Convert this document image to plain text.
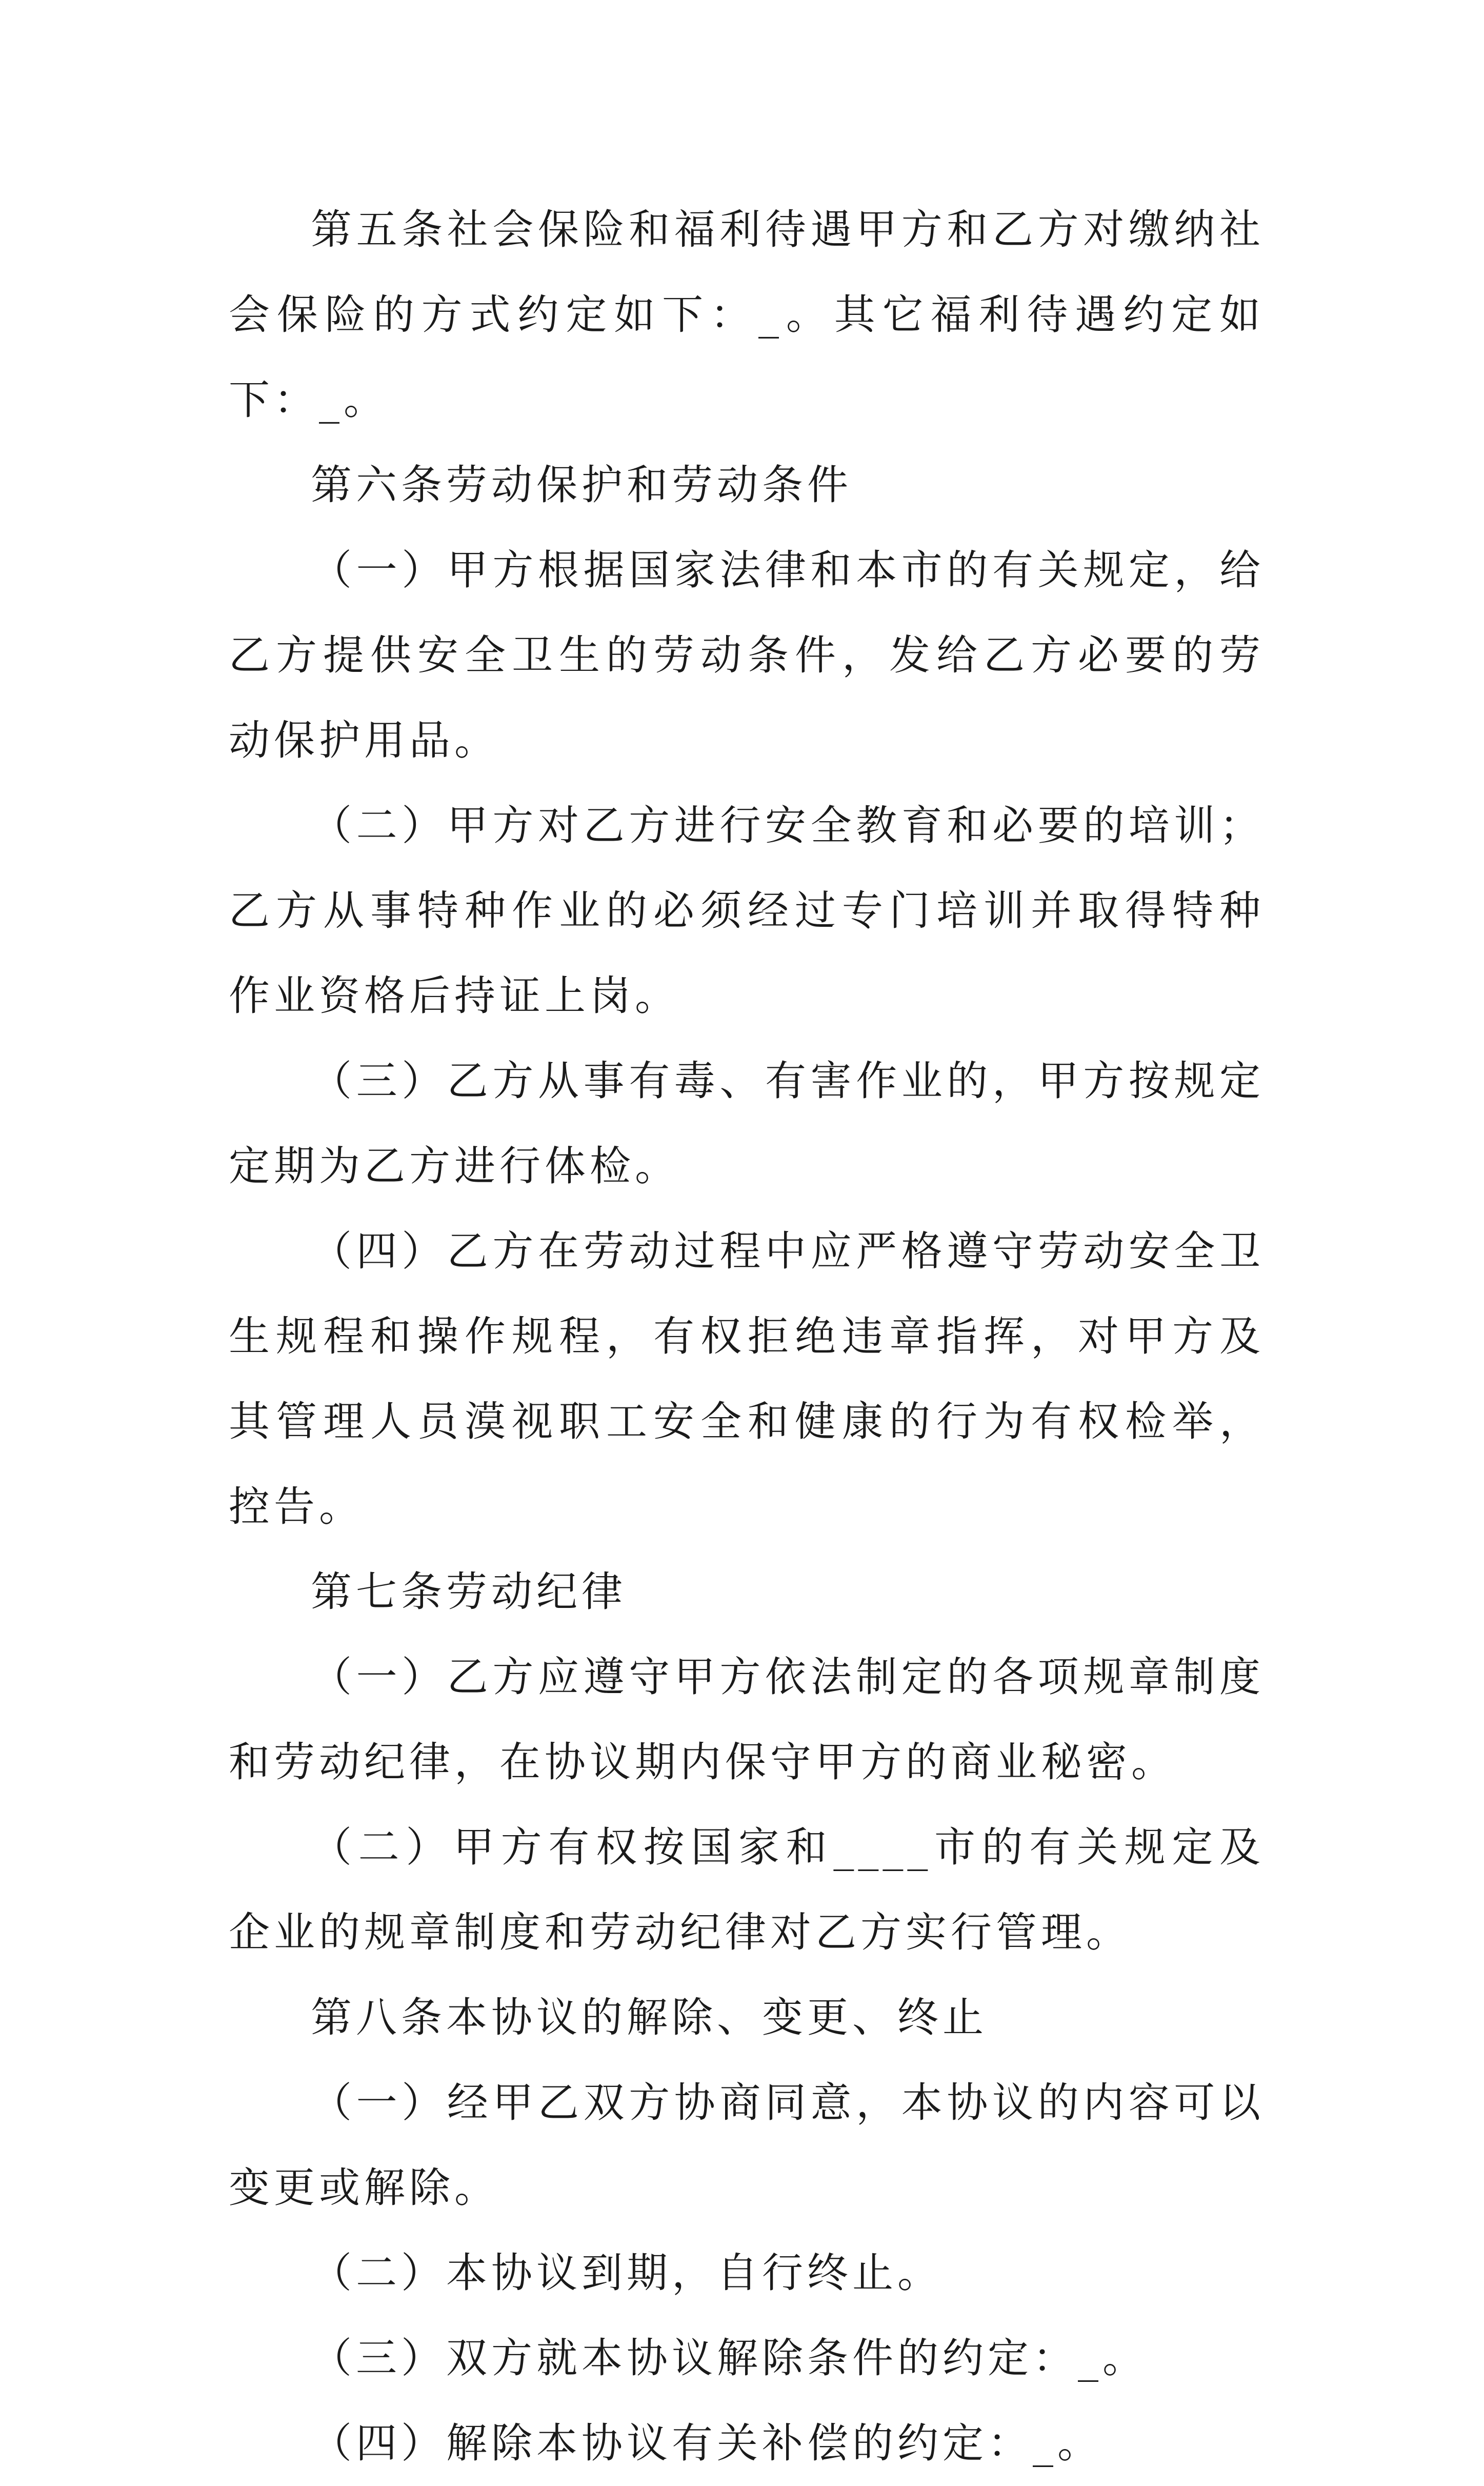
第五条社会保险和福利待遇甲方和乙方对缴纳社会保险的方式约定如下：_。其它福利待遇约定如下：_。

第六条劳动保护和劳动条件

（一）甲方根据国家法律和本市的有关规定，给乙方提供安全卫生的劳动条件，发给乙方必要的劳动保护用品。

（二）甲方对乙方进行安全教育和必要的培训；乙方从事特种作业的必须经过专门培训并取得特种作业资格后持证上岗。

（三）乙方从事有毒、有害作业的，甲方按规定定期为乙方进行体检。

（四）乙方在劳动过程中应严格遵守劳动安全卫生规程和操作规程，有权拒绝违章指挥，对甲方及其管理人员漠视职工安全和健康的行为有权检举，控告。

第七条劳动纪律

（一）乙方应遵守甲方依法制定的各项规章制度和劳动纪律，在协议期内保守甲方的商业秘密。

（二）甲方有权按国家和____市的有关规定及企业的规章制度和劳动纪律对乙方实行管理。

第八条本协议的解除、变更、终止

（一）经甲乙双方协商同意，本协议的内容可以变更或解除。

（二）本协议到期，自行终止。

（三）双方就本协议解除条件的约定：_。

（四）解除本协议有关补偿的约定：_。
